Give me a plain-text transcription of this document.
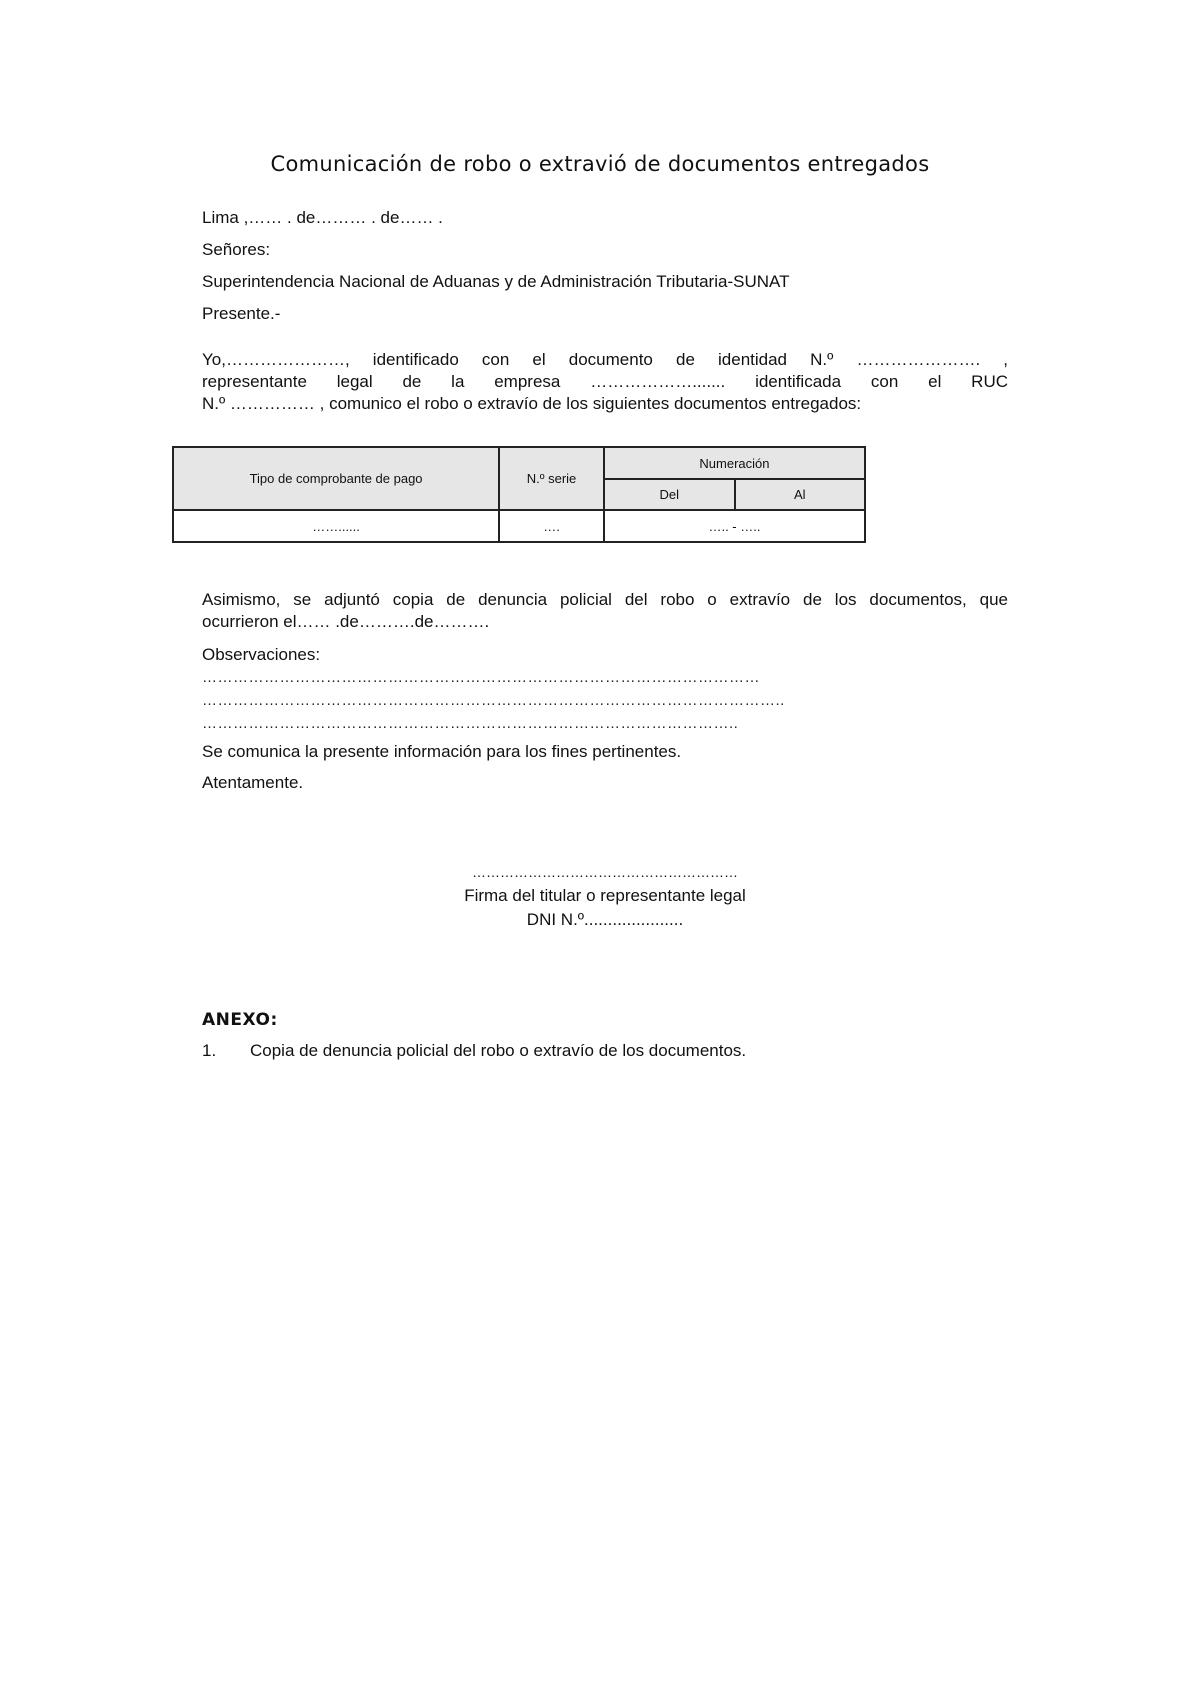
Comunicación de robo o extravió de documentos entregados
Lima ,…… . de……… . de…… .
Señores:
Superintendencia Nacional de Aduanas y de Administración Tributaria-SUNAT
Presente.-
Yo,…………………, identificado con el documento de identidad N.º …………………. ,
representante legal de la empresa ………………....... identificada con el RUC
N.º …………… , comunico el robo o extravío de los siguientes documentos entregados:
Tipo de comprobante de pago	N.º serie	Numeración	
		Del	Al
……......	….	….. - …..	
Asimismo, se adjuntó copia de denuncia policial del robo o extravío de los documentos, que
ocurrieron el…… .de……….de……….
Observaciones:
………………………………………………………………………………………………
…………………………………………………………………………………………………..
…………………………………………………………………………………………..
Se comunica la presente información para los fines pertinentes.
Atentamente.
…………………………………………………
Firma del titular o representante legal
DNI N.º.....................
ANEXO:
1. Copia de denuncia policial del robo o extravío de los documentos.
